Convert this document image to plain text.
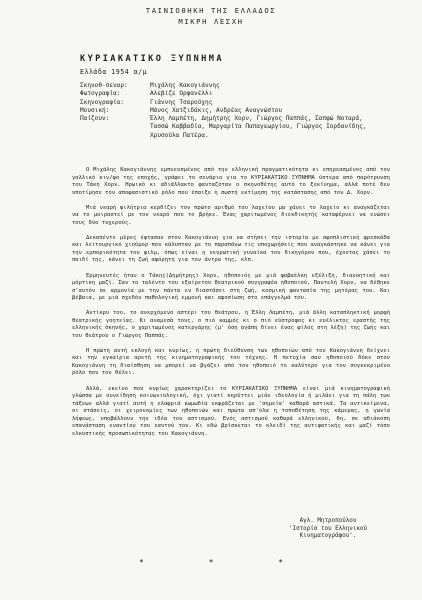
ΤΑΙΝΙΟΘΗΚΗ ΤΗΣ ΕΛΛΑΔΟΣ
ΜΙΚΡΗ ΛΕΣΧΗ
ΚΥΡΙΑΚΑΤΙΚΟ ΞΥΠΝΗΜΑ
Ελλάδα 1954 α/μ
Σκηνοθ-σεναρ:	Μιχάλης Κακογιάννης
Φωτογραφία:	Αλεβίζε Ορφανέλλι
Σκηνογραφία:	Γιάννης Τσαρούχης
Μουσική:	Μάνος Χατζιδάκις, Ανδρέας Αναγνώστου
Παίζουν:	Έλλη Λαμπέτη, Δημήτρης Χορν, Γιώργος Παππάς, Σαπφώ Νοταρά, Τασσώ Καββαδία, Μαργαρίτα Παπαγεωργίου, Γιώργος Ιορδανίδης, Χρυσούλα Πατέρα.

Ο Μιχάλης Κακογιάννης εμπνευσμένος από την ελληνική πραγματικότητα κι επηρεασμένος από τον γαλλικό κιν/φο της εποχής, γράφει το σενάριο για το ΚΥΡΙΑΚΑΤΙΚΟ ΞΥΠΝΗΜΑ ύστερα από παρότρυνση του Τάκη Χορν. Ηρωικό κι αδιάλλακτο φανταζόταν ο σκηνοθέτης αυτό το ξεκίνημα, αλλά ποτέ δεν υποτίμησε τον αποφασιστικό ρόλο που έπαιξε η σωστή εκτίμηση της κατάστασης από τον Δ. Χορν.

Μιά νεαρή ψιλήτρια κερδίζει τον πρώτο αριθμό του λαχείου μα χάνει το λαχείο κι αναγκάζεται να το μοιραστεί με τον νεαρό που το βρήκε. Ένας χαριτωμένος διεκδικητής καταφέρνει να ενώσει τους δύο τυχερούς.

Δεκαπέντε μέρες έφτασαν στον Κακογιάννη για να στήσει την ιστορία με αφοπλιστική φρεσκάδα και λειτουργικό χιούμορ που κάλυπταν με το παραπάνω τις υποχωρήσεις που αναγκάστηκε να κάνει για την εμπορικότητα του φιλμ, όπως είναι η νευρωτική γυναίκα του δικηγόρου που, έχοντας χάσει το παιδί της, κάνει τη ζωή αφόρητη για τον άντρα της, κλπ.

Ερμηνευτές ήταν ο Τάκης(Δημήτρης) Χορν, ηθοποιός με μιά φαβαέλκη εξέλιξη, διανοητική και μόρτικη μαζί. Σαν το ταλέντο του εξαίρετου θεατρικού συγγραφέα ηθοποιού, Παντελή Χορν, να δέθηκε σ'αυτόν σε αρμονία με την πάντα εν διαστάσει στη ζωή, κοσμική φαντασία της μητέρας του. Και βέβαια, με μιά σχεδόν παθολογική εμμονή και αφοσίωση στο επάγγελμά του.

Αντίκρυ του, το ανερχόμενο αστέρι του θεάτρου, η Έλλη Λαμπέτη, μιά άλλη καταπληκτική μορφή θεατρικής γοητείας. Κι αναμεσά τους, ο πιό καμμός κι ο πιό εύστροφος κι ευέλικτος εραστής της ελληνικής σκηνής, ο χαριτωμένος κατεργάρης (μ' όση αγάπη δίνει ένας φίλος στη λέξη) της ζωής και του θεάτρου ο Γιώργος Παππάς.

Η πρώτη αυτή εκλογή και κυρίως, η πρώτη διεύθυνση των ηθοποιών από τον Κακογιάννη δείχνει και την εγκαίρια αρετή της κινηματογραφικής του τέχνης. Η πετυχία σαν ηθοποιού δόκε στον Κακογιάννη τη διαίσθηση να μπορεί να βγάζει από τον ηθοποιό το καλύτερο για τον συγκεκριμένο ρόλο που τον θέλει.

Αλλά, εκείνο που κυρίως χαρακτηρίζει το ΚΥΡΙΑΚΑΤΙΚΟ ΞΥΠΝΗΜΑ είναι μιά κινηματογραφική γλώσσα με ουνείδηση κοινωνιολογική, όχι γιατί κηρύττει μιάν ιδεολογία ή μιλάει για τη πάλη των τάξεων αλλά γιατί αυτή η ελαφριά κωμωδία εκφράζεται με 'σημεία' καθαρά αστικά. Τα αντικείμενα, οι στάσεις, οι χειρονομίες των ηθοποιών και πρώτα απ'όλα η τοποθέτηση της κάμερας, η γωνία λήψεως, υποβάλλουν την ιδέα του αστισμού. Ενός αστισμού καθαρά ελληνικού, δη. σε αδιάκοπη επανάσταση εναντίον του εαυτού του. Κι εδώ βρίσκεται το κλειδί της αντιφατικής και μαζί τόσο ελκυστικής προσωπικότητας του Κακογιάννη.

Αγλ. Μητροπούλου
'Ιστορία του Ελληνικού
Κινηματογράφου'.
* * *
